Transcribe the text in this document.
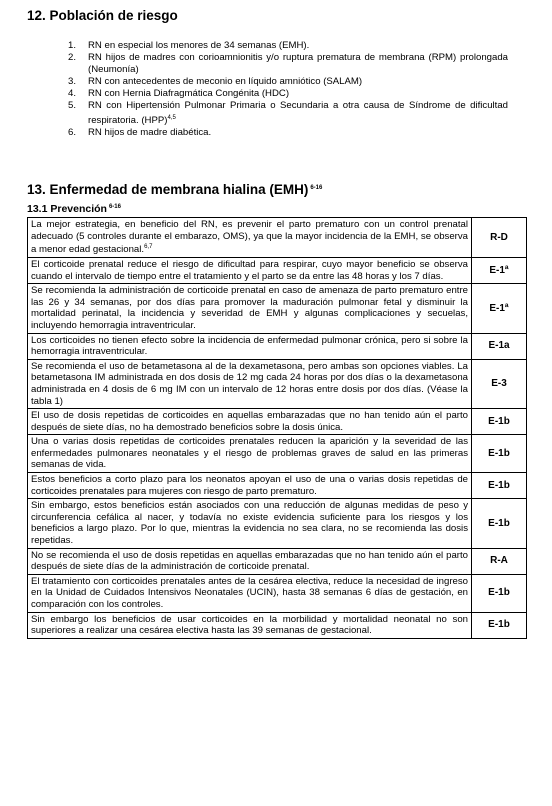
12. Población de riesgo
1. RN en especial los menores de 34 semanas (EMH).
2. RN hijos de madres con corioamnionitis y/o ruptura prematura de membrana (RPM) prolongada (Neumonía)
3. RN con antecedentes de meconio en líquido amniótico (SALAM)
4. RN con Hernia Diafragmática Congénita (HDC)
5. RN con Hipertensión Pulmonar Primaria o Secundaria a otra causa de Síndrome de dificultad respiratoria. (HPP)$^{4,5}$
6. RN hijos de madre diabética.
13. Enfermedad de membrana hialina (EMH) $^{6-16}$
13.1 Prevención $^{6-16}$
La mejor estrategia, en beneficio del RN, es prevenir el parto prematuro con un control prenatal adecuado (5 controles durante el embarazo, OMS), ya que la mayor incidencia de la EMH, se observa a menor edad gestacional.$^{6,7}$	R-D
El corticoide prenatal reduce el riesgo de dificultad para respirar, cuyo mayor beneficio se observa cuando el intervalo de tiempo entre el tratamiento y el parto se da entre las 48 horas y los 7 días.	E-1ª
Se recomienda la administración de corticoide prenatal en caso de amenaza de parto prematuro entre las 26 y 34 semanas, por dos días para promover la maduración pulmonar fetal y disminuir la mortalidad perinatal, la incidencia y severidad de EMH y algunas complicaciones y secuelas, incluyendo hemorragia intraventricular.	E-1ª
Los corticoides no tienen efecto sobre la incidencia de enfermedad pulmonar crónica, pero si sobre la hemorragia intraventricular.	E-1a
Se recomienda el uso de betametasona al de la dexametasona, pero ambas son opciones viables. La betametasona IM administrada en dos dosis de 12 mg cada 24 horas por dos días o la dexametasona administrada en 4 dosis de 6 mg IM con un intervalo de 12 horas entre dosis por dos días. (Véase la tabla 1)	E-3
El uso de dosis repetidas de corticoides en aquellas embarazadas que no han tenido aún el parto después de siete días, no ha demostrado beneficios sobre la dosis única.	E-1b
Una o varias dosis repetidas de corticoides prenatales reducen la aparición y la severidad de las enfermedades pulmonares neonatales y el riesgo de problemas graves de salud en las primeras semanas de vida.	E-1b
Estos beneficios a corto plazo para los neonatos apoyan el uso de una o varias dosis repetidas de corticoides prenatales para mujeres con riesgo de parto prematuro.	E-1b
Sin embargo, estos beneficios están asociados con una reducción de algunas medidas de peso y circunferencia cefálica al nacer, y todavía no existe evidencia suficiente para los riesgos y los beneficios a largo plazo. Por lo que, mientras la evidencia no sea clara, no se recomienda las dosis repetidas.	E-1b
No se recomienda el uso de dosis repetidas en aquellas embarazadas que no han tenido aún el parto después de siete días de la administración de corticoide prenatal.	R-A
El tratamiento con corticoides prenatales antes de la cesárea electiva, reduce la necesidad de ingreso en la Unidad de Cuidados Intensivos Neonatales (UCIN), hasta 38 semanas 6 días de gestación, en comparación con los controles.	E-1b
Sin embargo los beneficios de usar corticoides en la morbilidad y mortalidad neonatal no son superiores a realizar una cesárea electiva hasta las 39 semanas de gestacional.	E-1b
